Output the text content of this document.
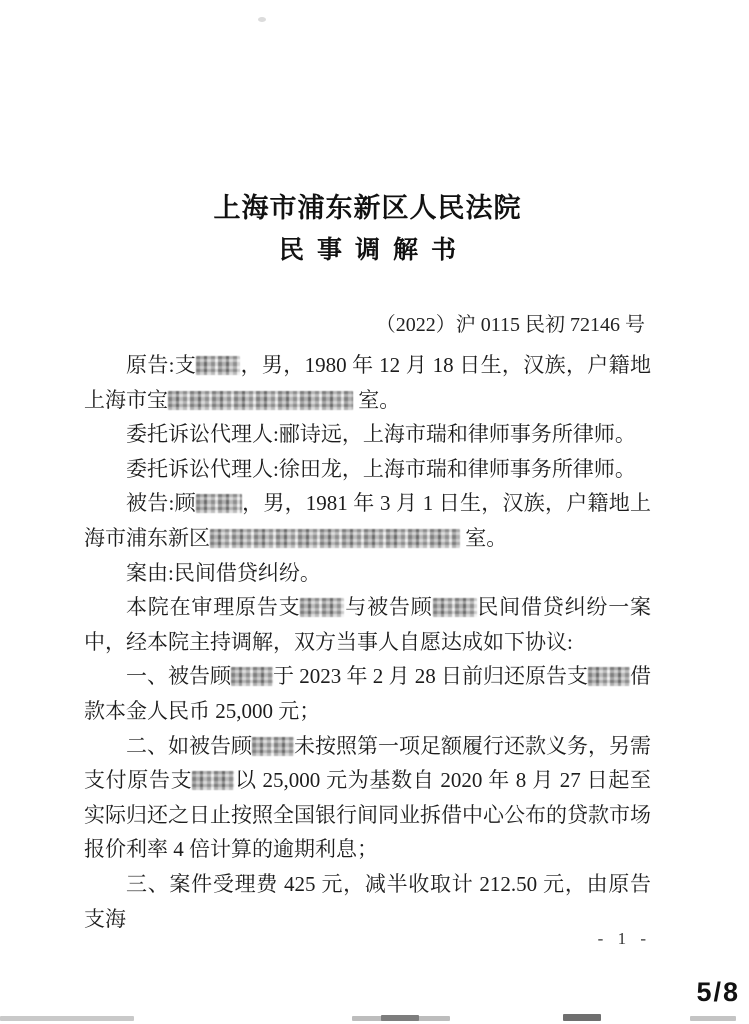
上海市浦东新区人民法院
民事调解书
（2022）沪 0115 民初 72146 号

原告:支 ，男，1980 年 12 月 18 日生，汉族，户籍地上海市宝	室。

委托诉讼代理人:郦诗远，上海市瑞和律师事务所律师。

委托诉讼代理人:徐田龙，上海市瑞和律师事务所律师。

被告:顾 ，男，1981 年 3 月 1 日生，汉族，户籍地上海市浦东新区	室。

案由:民间借贷纠纷。

本院在审理原告支 与被告顾 民间借贷纠纷一案中，经本院主持调解，双方当事人自愿达成如下协议:

一、被告顾 于 2023 年 2 月 28 日前归还原告支 借款本金人民币 25,000 元；

二、如被告顾 未按照第一项足额履行还款义务，另需支付原告支 以 25,000 元为基数自 2020 年 8 月 27 日起至实际归还之日止按照全国银行间同业拆借中心公布的贷款市场报价利率 4 倍计算的逾期利息；

三、案件受理费 425 元，减半收取计 212.50 元，由原告支海

- 1 -
5/8
